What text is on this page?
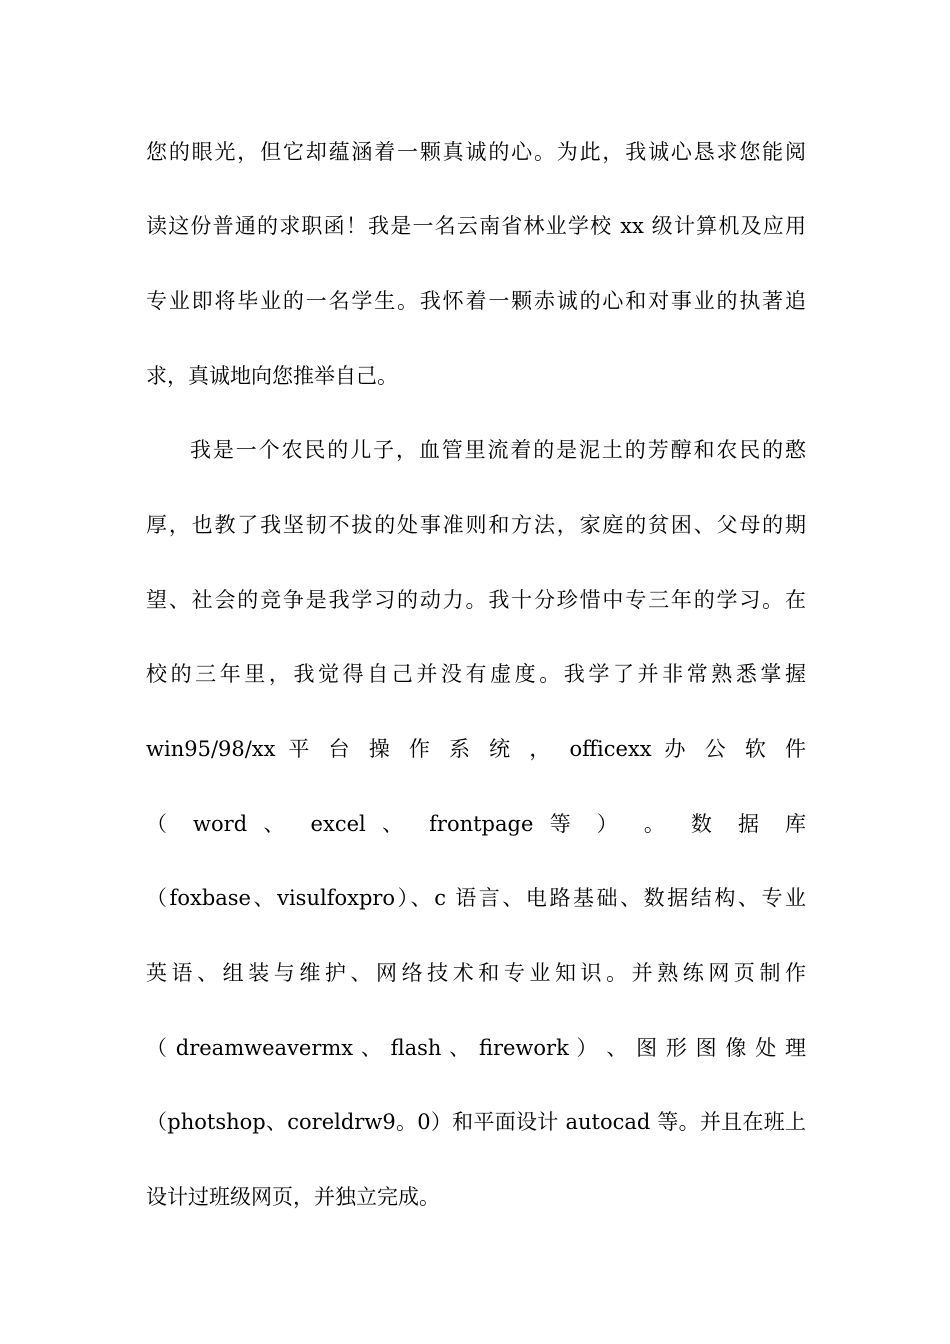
您的眼光，但它却蕴涵着一颗真诚的心。为此，我诚心恳求您能阅
读这份普通的求职函！我是一名云南省林业学校 xx 级计算机及应用
专业即将毕业的一名学生。我怀着一颗赤诚的心和对事业的执著追
求，真诚地向您推举自己。
我是一个农民的儿子，血管里流着的是泥土的芳醇和农民的憨
厚，也教了我坚韧不拔的处事准则和方法，家庭的贫困、父母的期
望、社会的竞争是我学习的动力。我十分珍惜中专三年的学习。在
校的三年里，我觉得自己并没有虚度。我学了并非常熟悉掌握
win95/98/xx 平 台 操 作 系 统 ， officexx 办 公 软 件
（ word 、 excel 、 frontpage 等 ） 。 数 据 库
（foxbase、visulfoxpro）、c 语言、电路基础、数据结构、专业
英语、组装与维护、网络技术和专业知识。并熟练网页制作
（ dreamweavermx 、 flash 、 firework ） 、 图 形 图 像 处 理
（photshop、coreldrw9。0）和平面设计 autocad 等。并且在班上
设计过班级网页，并独立完成。
